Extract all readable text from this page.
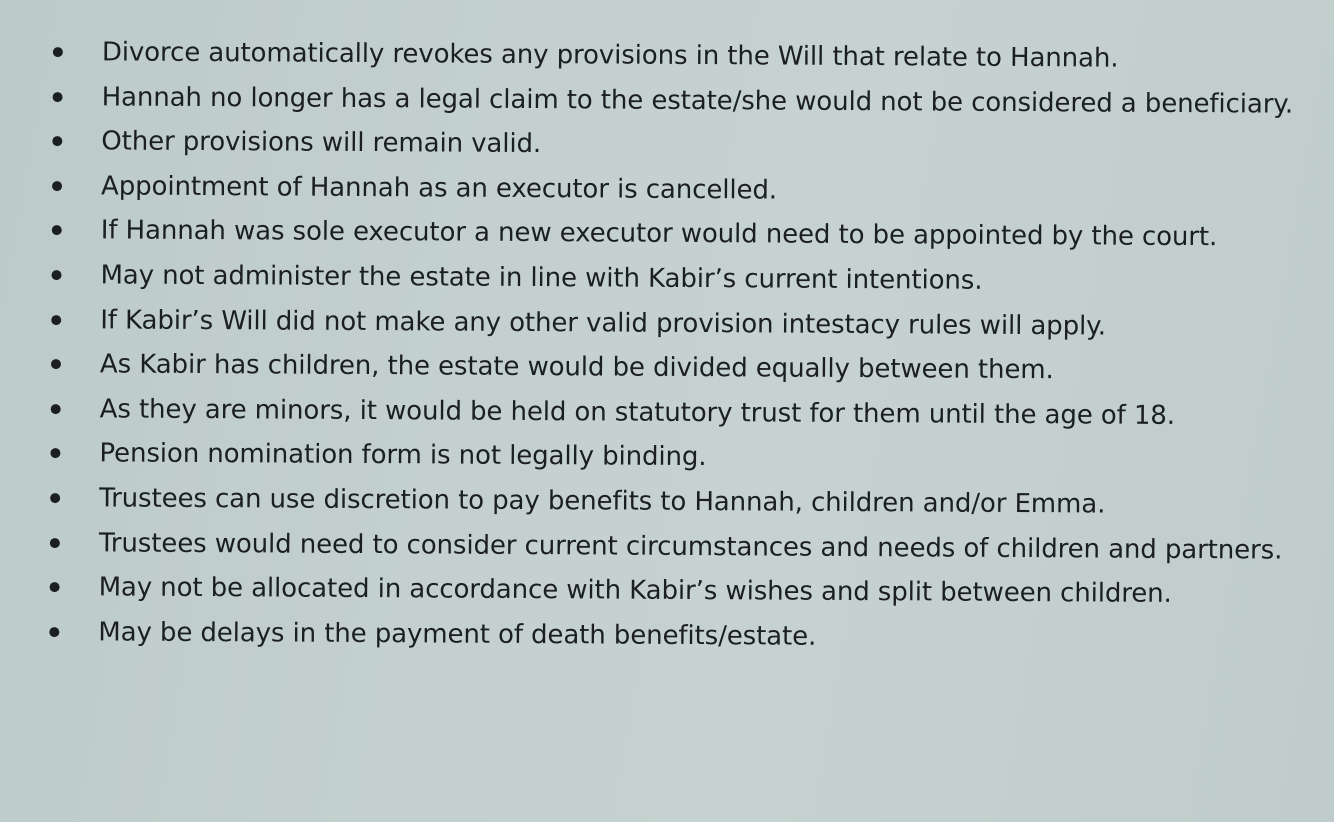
Divorce automatically revokes any provisions in the Will that relate to Hannah.
Hannah no longer has a legal claim to the estate/she would not be considered a beneficiary.
Other provisions will remain valid.
Appointment of Hannah as an executor is cancelled.
If Hannah was sole executor a new executor would need to be appointed by the court.
May not administer the estate in line with Kabir’s current intentions.
If Kabir’s Will did not make any other valid provision intestacy rules will apply.
As Kabir has children, the estate would be divided equally between them.
As they are minors, it would be held on statutory trust for them until the age of 18.
Pension nomination form is not legally binding.
Trustees can use discretion to pay benefits to Hannah, children and/or Emma.
Trustees would need to consider current circumstances and needs of children and partners.
May not be allocated in accordance with Kabir’s wishes and split between children.
May be delays in the payment of death benefits/estate.
